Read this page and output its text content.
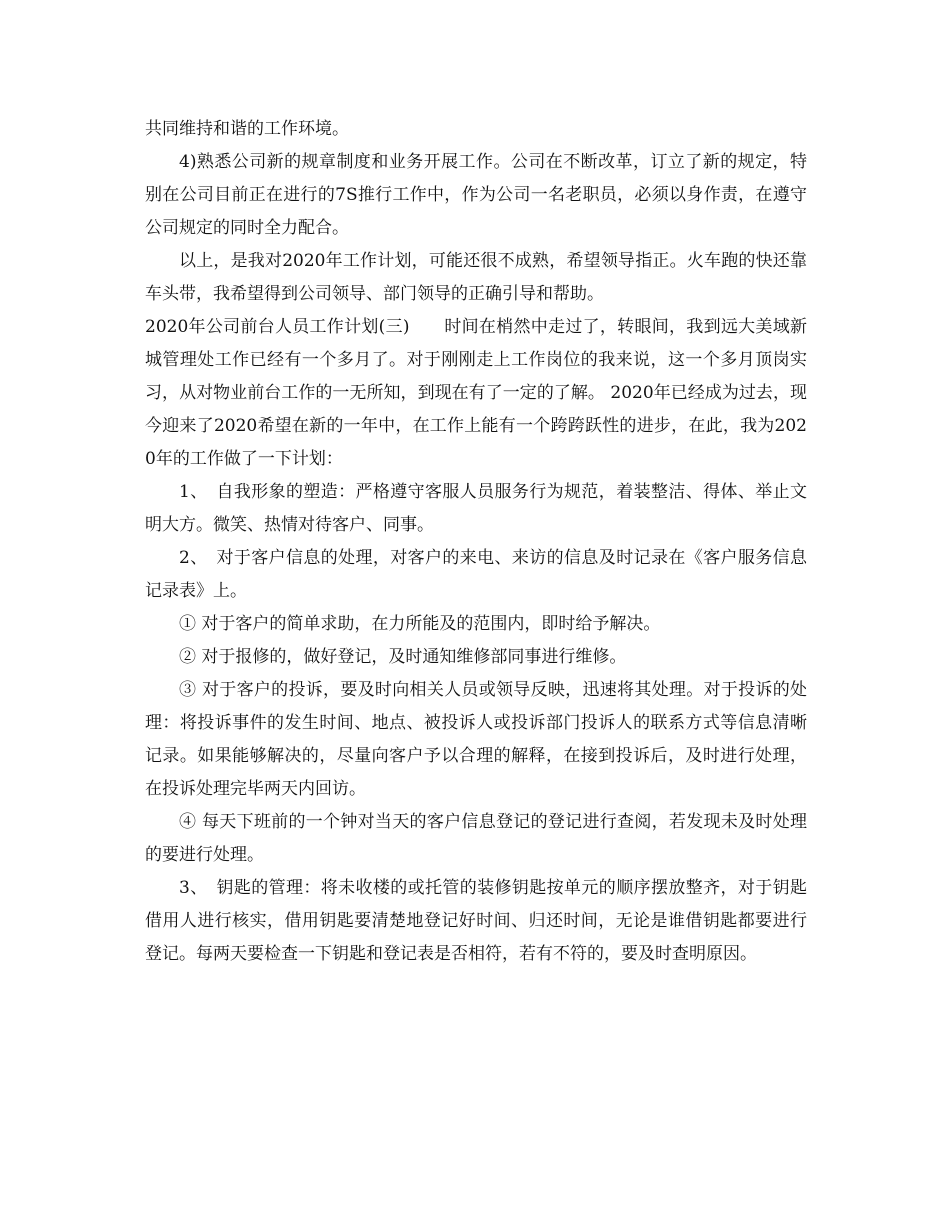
共同维持和谐的工作环境。

4)熟悉公司新的规章制度和业务开展工作。公司在不断改革，订立了新的规定，特别在公司目前正在进行的7S推行工作中，作为公司一名老职员，必须以身作责，在遵守公司规定的同时全力配合。

以上，是我对2020年工作计划，可能还很不成熟，希望领导指正。火车跑的快还靠车头带，我希望得到公司领导、部门领导的正确引导和帮助。

2020年公司前台人员工作计划(三)　　时间在梢然中走过了，转眼间，我到远大美域新城管理处工作已经有一个多月了。对于刚刚走上工作岗位的我来说，这一个多月顶岗实习，从对物业前台工作的一无所知，到现在有了一定的了解。 2020年已经成为过去，现今迎来了2020希望在新的一年中，在工作上能有一个跨跨跃性的进步，在此，我为2020年的工作做了一下计划：

1、　自我形象的塑造：严格遵守客服人员服务行为规范，着装整洁、得体、举止文明大方。微笑、热情对待客户、同事。

2、　对于客户信息的处理，对客户的来电、来访的信息及时记录在《客户服务信息记录表》上。

① 对于客户的简单求助，在力所能及的范围内，即时给予解决。

② 对于报修的，做好登记，及时通知维修部同事进行维修。

③ 对于客户的投诉，要及时向相关人员或领导反映，迅速将其处理。对于投诉的处理：将投诉事件的发生时间、地点、被投诉人或投诉部门投诉人的联系方式等信息清晰记录。如果能够解决的，尽量向客户予以合理的解释，在接到投诉后，及时进行处理，在投诉处理完毕两天内回访。

④ 每天下班前的一个钟对当天的客户信息登记的登记进行查阅，若发现未及时处理的要进行处理。

3、　钥匙的管理：将未收楼的或托管的装修钥匙按单元的顺序摆放整齐，对于钥匙借用人进行核实，借用钥匙要清楚地登记好时间、归还时间，无论是谁借钥匙都要进行登记。每两天要检查一下钥匙和登记表是否相符，若有不符的，要及时查明原因。
